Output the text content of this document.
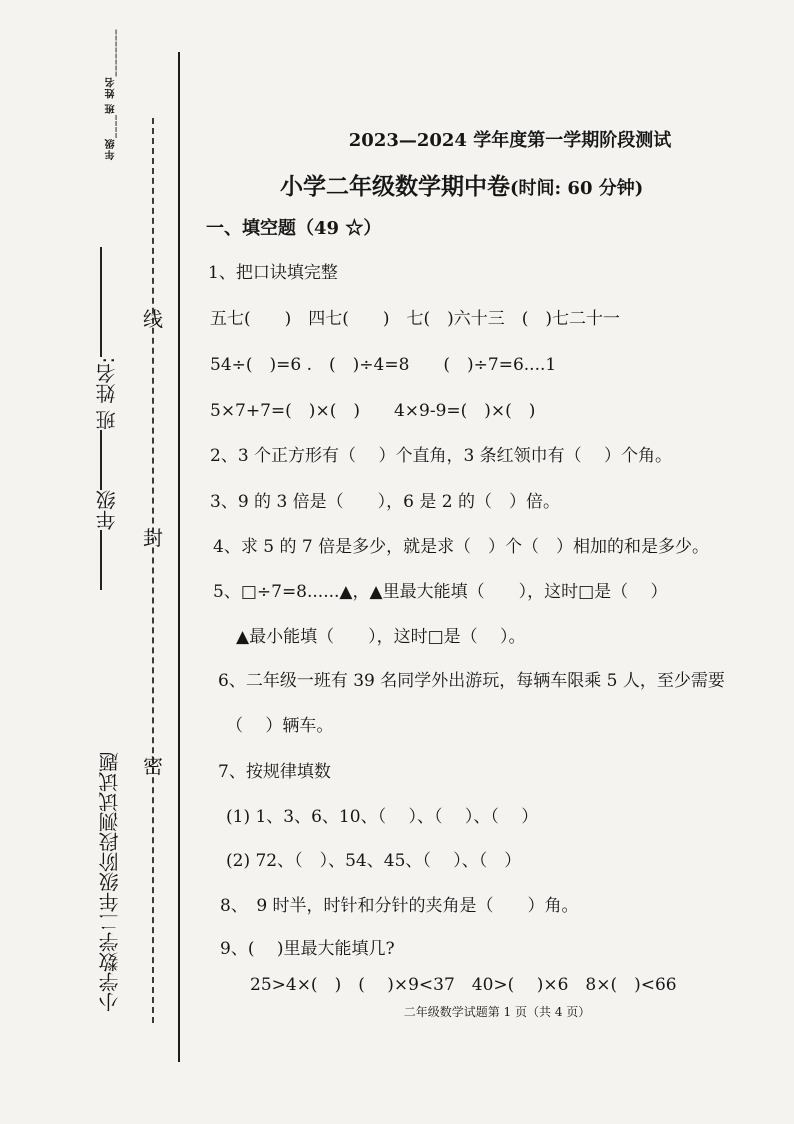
年级____班 姓名________
年级班 姓名:
线
封
密
小学数学二年级阶段测试试题
2023—2024 学年度第一学期阶段测试
小学二年级数学期中卷(时间: 60 分钟)
一、填空题（49 ☆）
1、把口诀填完整
五七(　　)　四七(　　)　七(　)六十三　(　)七二十一
54÷(　)=6 .　(　)÷4=8　　(　)÷7=6....1
5×7+7=(　)×(　)　　4×9-9=(　)×(　)
2、3 个正方形有（　 ）个直角，3 条红领巾有（　 ）个角。
3、9 的 3 倍是（　　），6 是 2 的（　）倍。
4、求 5 的 7 倍是多少，就是求（　）个（　）相加的和是多少。
5、□÷7=8......▲，▲里最大能填（　　），这时□是（　 ）
▲最小能填（　　），这时□是（　 ）。
6、二年级一班有 39 名同学外出游玩，每辆车限乘 5 人，至少需要
（　 ）辆车。
7、按规律填数
(1) 1、3、6、10、（　 ）、（　 ）、（　 ）
(2) 72、（　）、54、45、（　 ）、（　）
8、　9 时半，时针和分针的夹角是（　　）角。
9、(　 )里最大能填几?
25>4×(　)　(　 )×9<37　40>(　 )×6　8×(　)<66
二年级数学试题第 1 页（共 4 页）
